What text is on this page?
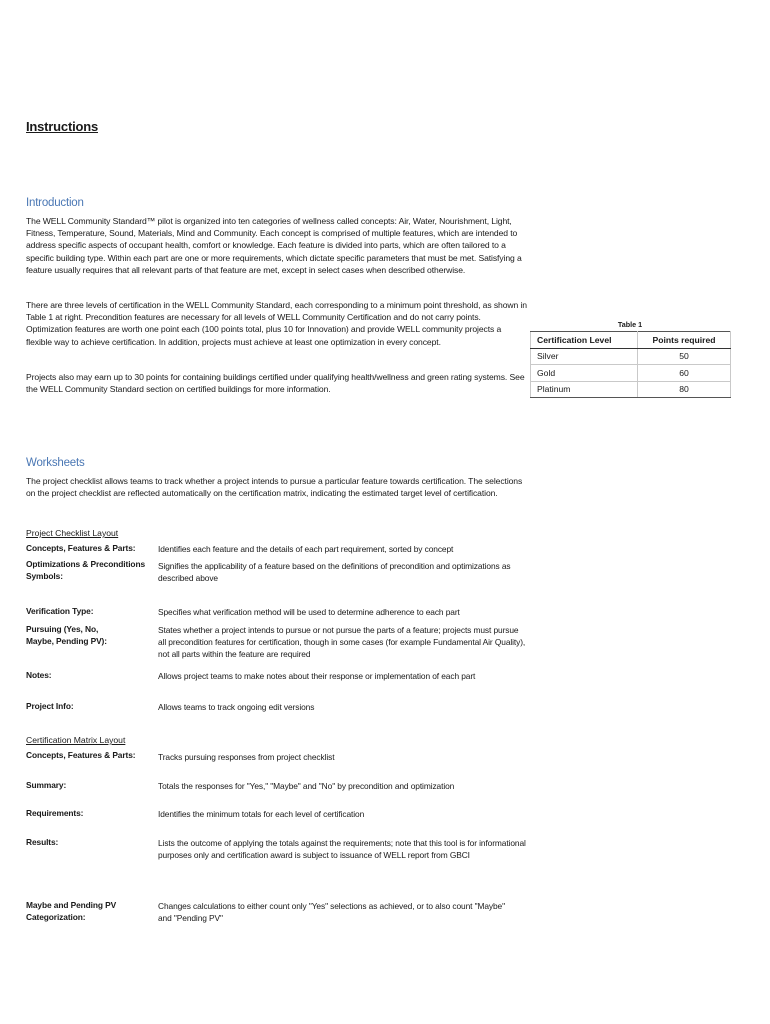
Instructions
Introduction

The WELL Community Standard™ pilot is organized into ten categories of wellness called concepts: Air, Water, Nourishment, Light, Fitness, Temperature, Sound, Materials, Mind and Community. Each concept is comprised of multiple features, which are intended to address specific aspects of occupant health, comfort or knowledge. Each feature is divided into parts, which are often tailored to a specific building type. Within each part are one or more requirements, which dictate specific parameters that must be met. Satisfying a feature usually requires that all relevant parts of that feature are met, except in select cases when described otherwise.

There are three levels of certification in the WELL Community Standard, each corresponding to a minimum point threshold, as shown in Table 1 at right. Precondition features are necessary for all levels of WELL Community Certification and do not carry points. Optimization features are worth one point each (100 points total, plus 10 for Innovation) and provide WELL community projects a flexible way to achieve certification. In addition, projects must achieve at least one optimization in every concept.

Projects also may earn up to 30 points for containing buildings certified under qualifying health/wellness and green rating systems. See the WELL Community Standard section on certified buildings for more information.

Table 1
Certification Level	Points required
Silver	50
Gold	60
Platinum	80
Worksheets

The project checklist allows teams to track whether a project intends to pursue a particular feature towards certification. The selections on the project checklist are reflected automatically on the certification matrix, indicating the estimated target level of certification.

Project Checklist Layout
Concepts, Features & Parts:	Identifies each feature and the details of each part requirement, sorted by concept
Optimizations & Preconditions Symbols:
Signifies the applicability of a feature based on the definitions of precondition and optimizations as described above
Verification Type:	Specifies what verification method will be used to determine adherence to each part
Pursuing (Yes, No, Maybe, Pending PV):
States whether a project intends to pursue or not pursue the parts of a feature; projects must pursue all precondition features for certification, though in some cases (for example Fundamental Air Quality), not all parts within the feature are required
Notes:	Allows project teams to make notes about their response or implementation of each part
Project Info:	Allows teams to track ongoing edit versions
Certification Matrix Layout
Concepts, Features & Parts:	Tracks pursuing responses from project checklist
Summary:	Totals the responses for "Yes," "Maybe" and "No" by precondition and optimization
Requirements:	Identifies the minimum totals for each level of certification
Results:	Lists the outcome of applying the totals against the requirements; note that this tool is for informational purposes only and certification award is subject to issuance of WELL report from GBCI
Maybe and Pending PV Categorization:
Changes calculations to either count only "Yes" selections as achieved, or to also count "Maybe" and "Pending PV"
